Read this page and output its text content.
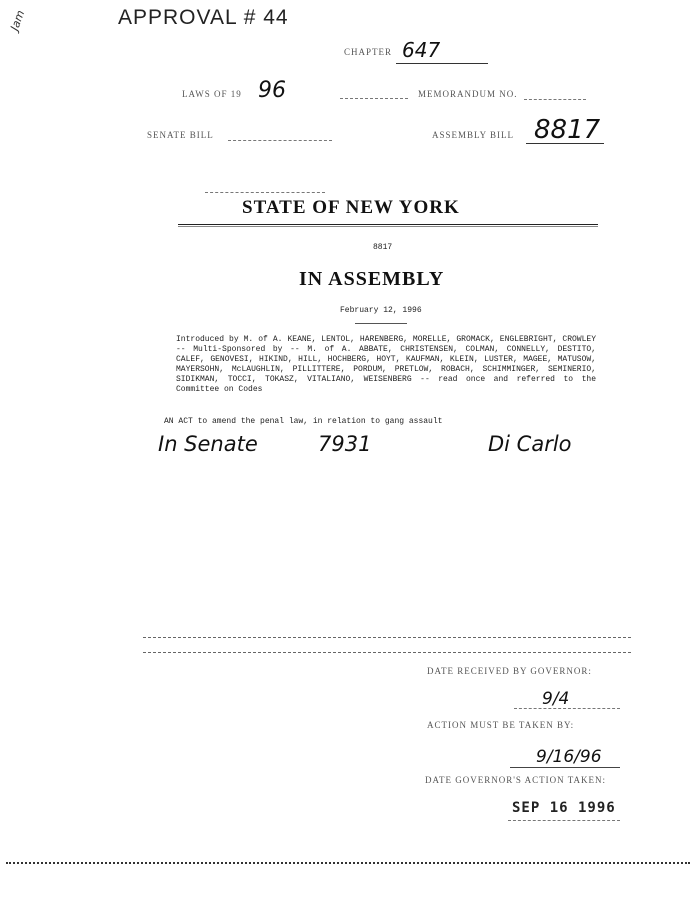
Jam	APPROVAL # 44
CHAPTER 647
LAWS OF 19 96	MEMORANDUM NO.
SENATE BILL	ASSEMBLY BILL 8817
STATE OF NEW YORK
8817
IN ASSEMBLY
February 12, 1996
Introduced by M. of A. KEANE, LENTOL, HARENBERG, MORELLE, GROMACK, ENGLEBRIGHT, CROWLEY -- Multi-Sponsored by -- M. of A. ABBATE, CHRISTENSEN, COLMAN, CONNELLY, DESTITO, CALEF, GENOVESI, HIKIND, HILL, HOCHBERG, HOYT, KAUFMAN, KLEIN, LUSTER, MAGEE, MATUSOW, MAYERSOHN, McLAUGHLIN, PILLITTERE, PORDUM, PRETLOW, ROBACH, SCHIMMINGER, SEMINERIO, SIDIKMAN, TOCCI, TOKASZ, VITALIANO, WEISENBERG -- read once and referred to the Committee on Codes
AN ACT to amend the penal law, in relation to gang assault
In Senate	7931	Di Carlo
DATE RECEIVED BY GOVERNOR:
9/4
ACTION MUST BE TAKEN BY:
9/16/96
DATE GOVERNOR'S ACTION TAKEN:
SEP 16 1996
